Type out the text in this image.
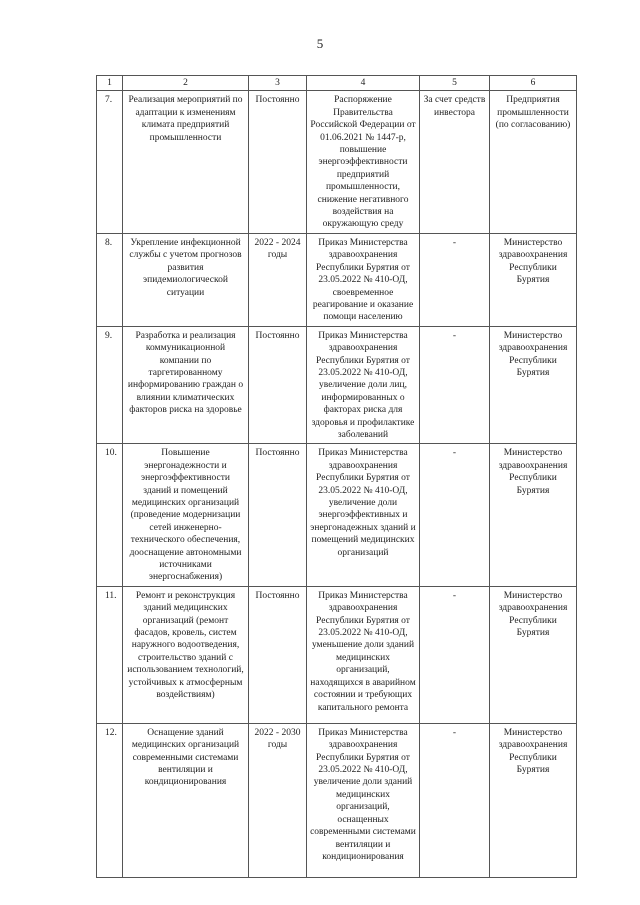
5
1	2	3	4	5	6
7.	Реализация мероприятий по адаптации к изменениям климата предприятий промышленности	Постоянно	Распоряжение Правительства Российской Федерации от 01.06.2021 № 1447-р, повышение энергоэффективности предприятий промышленности, снижение негативного воздействия на окружающую среду	За счет средств инвестора	Предприятия промышленности (по согласованию)
8.	Укрепление инфекционной службы с учетом прогнозов развития эпидемиологической ситуации	2022 - 2024 годы	Приказ Министерства здравоохранения Республики Бурятия от 23.05.2022 № 410-ОД, своевременное реагирование и оказание помощи населению	-	Министерство здравоохранения Республики Бурятия
9.	Разработка и реализация коммуникационной компании по таргетированному информированию граждан о влиянии климатических факторов риска на здоровье	Постоянно	Приказ Министерства здравоохранения Республики Бурятия от 23.05.2022 № 410-ОД, увеличение доли лиц, информированных о факторах риска для здоровья и профилактике заболеваний	-	Министерство здравоохранения Республики Бурятия
10.	Повышение энергонадежности и энергоэффективности зданий и помещений медицинских организаций (проведение модернизации сетей инженерно-технического обеспечения, дооснащение автономными источниками энергоснабжения)	Постоянно	Приказ Министерства здравоохранения Республики Бурятия от 23.05.2022 № 410-ОД, увеличение доли энергоэффективных и энергонадежных зданий и помещений медицинских организаций	-	Министерство здравоохранения Республики Бурятия
11.	Ремонт и реконструкция зданий медицинских организаций (ремонт фасадов, кровель, систем наружного водоотведения, строительство зданий с использованием технологий, устойчивых к атмосферным воздействиям)	Постоянно	Приказ Министерства здравоохранения Республики Бурятия от 23.05.2022 № 410-ОД, уменьшение доли зданий медицинских организаций, находящихся в аварийном состоянии и требующих капитального ремонта	-	Министерство здравоохранения Республики Бурятия
12.	Оснащение зданий медицинских организаций современными системами вентиляции и кондиционирования	2022 - 2030 годы	Приказ Министерства здравоохранения Республики Бурятия от 23.05.2022 № 410-ОД, увеличение доли зданий медицинских организаций, оснащенных современными системами вентиляции и кондиционирования	-	Министерство здравоохранения Республики Бурятия
